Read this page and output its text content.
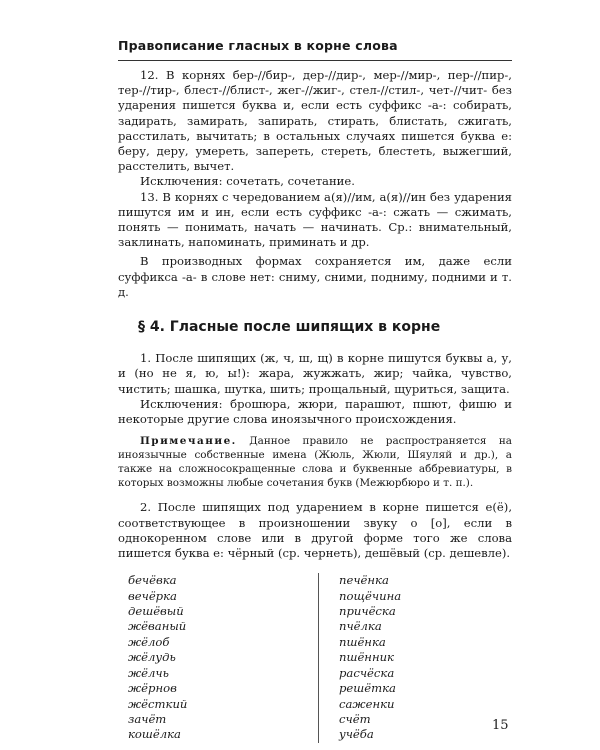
Правописание гласных в корне слова

12. В корнях бер-//бир-, дер-//дир-, мер-//мир-, пер-//пир-, тер-//тир-, блест-//блист-, жег-//жиг-, стел-//стил-, чет-//чит- без ударения пишется буква и, если есть суффикс -а-: собирать, задирать, замирать, запирать, стирать, блистать, сжигать, расстилать, вычитать; в остальных случаях пишется буква е: беру, деру, умереть, запереть, стереть, блестеть, выжегший, расстелить, вычет.

Исключения: сочетать, сочетание.

13. В корнях с чередованием а(я)//им, а(я)//ин без ударения пишутся им и ин, если есть суффикс -а-: сжать — сжимать, понять — понимать, начать — начинать. Ср.: внимательный, заклинать, напоминать, приминать и др.

В производных формах сохраняется им, даже если суффикса -а- в слове нет: сниму, сними, подниму, подними и т. д.

§ 4. Гласные после шипящих в корне

1. После шипящих (ж, ч, ш, щ) в корне пишутся буквы а, у, и (но не я, ю, ы!): жара, жужжать, жир; чайка, чувство, чистить; шашка, шутка, шить; прощальный, щуриться, защита.

Исключения: брошюра, жюри, парашют, пшют, фишю и некоторые другие слова иноязычного происхождения.

Примечание. Данное правило не распространяется на иноязычные собственные имена (Жюль, Жюли, Шяуляй и др.), а также на сложносокращенные слова и буквенные аббревиатуры, в которых возможны любые сочетания букв (Межюрбюро и т. п.).

2. После шипящих под ударением в корне пишется е(ё), соответствующее в произношении звуку о [о], если в однокоренном слове или в другой форме того же слова пишется буква е: чёрный (ср. чернеть), дешёвый (ср. дешевле).

бечёвка
вечёрка
дешёвый
жёваный
жёлоб
жёлудь
жёлчь
жёрнов
жёсткий
зачёт
кошёлка
печёнка
пощёчина
причёска
пчёлка
пшёнка
пшённик
расчёска
решётка
саженки
счёт
учёба
15
